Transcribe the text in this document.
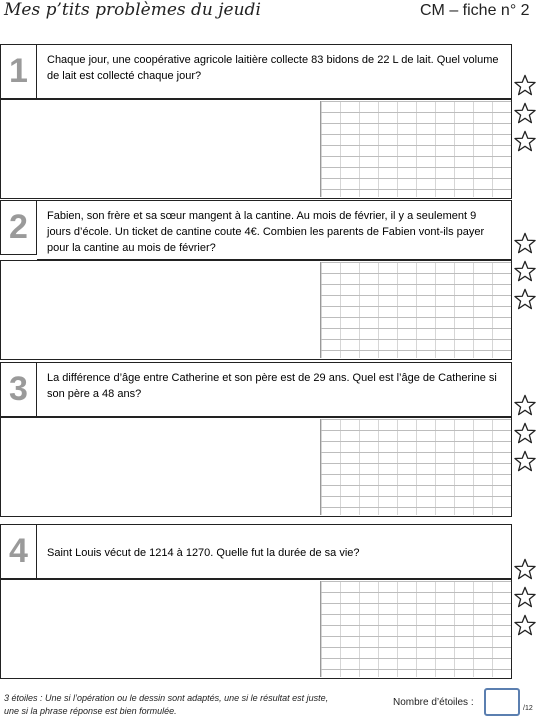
Mes p’tits problèmes du jeudi	CM – fiche n° 2
1	Chaque jour, une coopérative agricole laitière collecte 83 bidons de 22 L de lait. Quel volume de lait est collecté chaque jour?
2	Fabien, son frère et sa sœur mangent à la cantine. Au mois de février, il y a seulement 9 jours d’école. Un ticket de cantine coute 4€. Combien les parents de Fabien vont-ils payer pour la cantine au mois de février?
3	La différence d’âge entre Catherine et son père est de 29 ans. Quel est l’âge de Catherine si son père a 48 ans?
4	Saint Louis vécut de 1214 à 1270. Quelle fut la durée de sa vie?
3 étoiles : Une si l’opération ou le dessin sont adaptés, une si le résultat est juste, une si la phrase réponse est bien formulée.
Nombre d’étoiles :
/12
